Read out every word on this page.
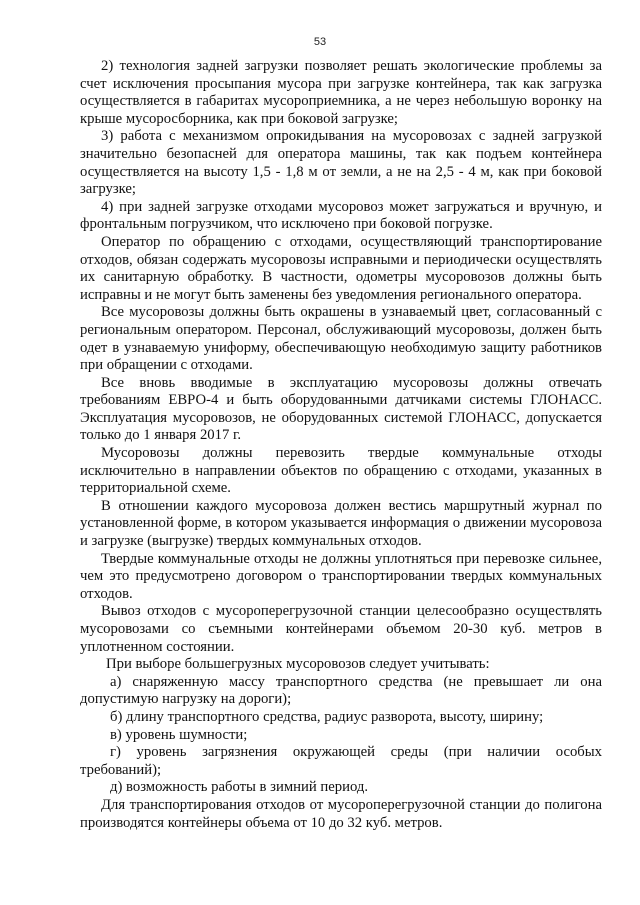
53

2) технология задней загрузки позволяет решать экологические проблемы за счет исключения просыпания мусора при загрузке контейнера, так как загрузка осуществляется в габаритах мусороприемника, а не через небольшую воронку на крыше мусоросборника, как при боковой загрузке;

3) работа с механизмом опрокидывания на мусоровозах с задней загрузкой значительно безопасней для оператора машины, так как подъем контейнера осуществляется на высоту 1,5 - 1,8 м от земли, а не на 2,5 - 4 м, как при боковой загрузке;

4) при задней загрузке отходами мусоровоз может загружаться и вручную, и фронтальным погрузчиком, что исключено при боковой погрузке.

Оператор по обращению с отходами, осуществляющий транспортирование отходов, обязан содержать мусоровозы исправными и периодически осуществлять их санитарную обработку. В частности, одометры мусоровозов должны быть исправны и не могут быть заменены без уведомления регионального оператора.

Все мусоровозы должны быть окрашены в узнаваемый цвет, согласованный с региональным оператором. Персонал, обслуживающий мусоровозы, должен быть одет в узнаваемую униформу, обеспечивающую необходимую защиту работников при обращении с отходами.

Все вновь вводимые в эксплуатацию мусоровозы должны отвечать требованиям ЕВРО-4 и быть оборудованными датчиками системы ГЛОНАСС. Эксплуатация мусоровозов, не оборудованных системой ГЛОНАСС, допускается только до 1 января 2017 г.

Мусоровозы должны перевозить твердые коммунальные отходы исключительно в направлении объектов по обращению с отходами, указанных в территориальной схеме.

В отношении каждого мусоровоза должен вестись маршрутный журнал по установленной форме, в котором указывается информация о движении мусоровоза и загрузке (выгрузке) твердых коммунальных отходов.

Твердые коммунальные отходы не должны уплотняться при перевозке сильнее, чем это предусмотрено договором о транспортировании твердых коммунальных отходов.

Вывоз отходов с мусороперегрузочной станции целесообразно осуществлять мусоровозами со съемными контейнерами объемом 20-30 куб. метров в уплотненном состоянии.

При выборе большегрузных мусоровозов следует учитывать:

а) снаряженную массу транспортного средства (не превышает ли она допустимую нагрузку на дороги);

б) длину транспортного средства, радиус разворота, высоту, ширину;

в) уровень шумности;

г) уровень загрязнения окружающей среды (при наличии особых требований);

д) возможность работы в зимний период.

Для транспортирования отходов от мусороперегрузочной станции до полигона производятся контейнеры объема от 10 до 32 куб. метров.
